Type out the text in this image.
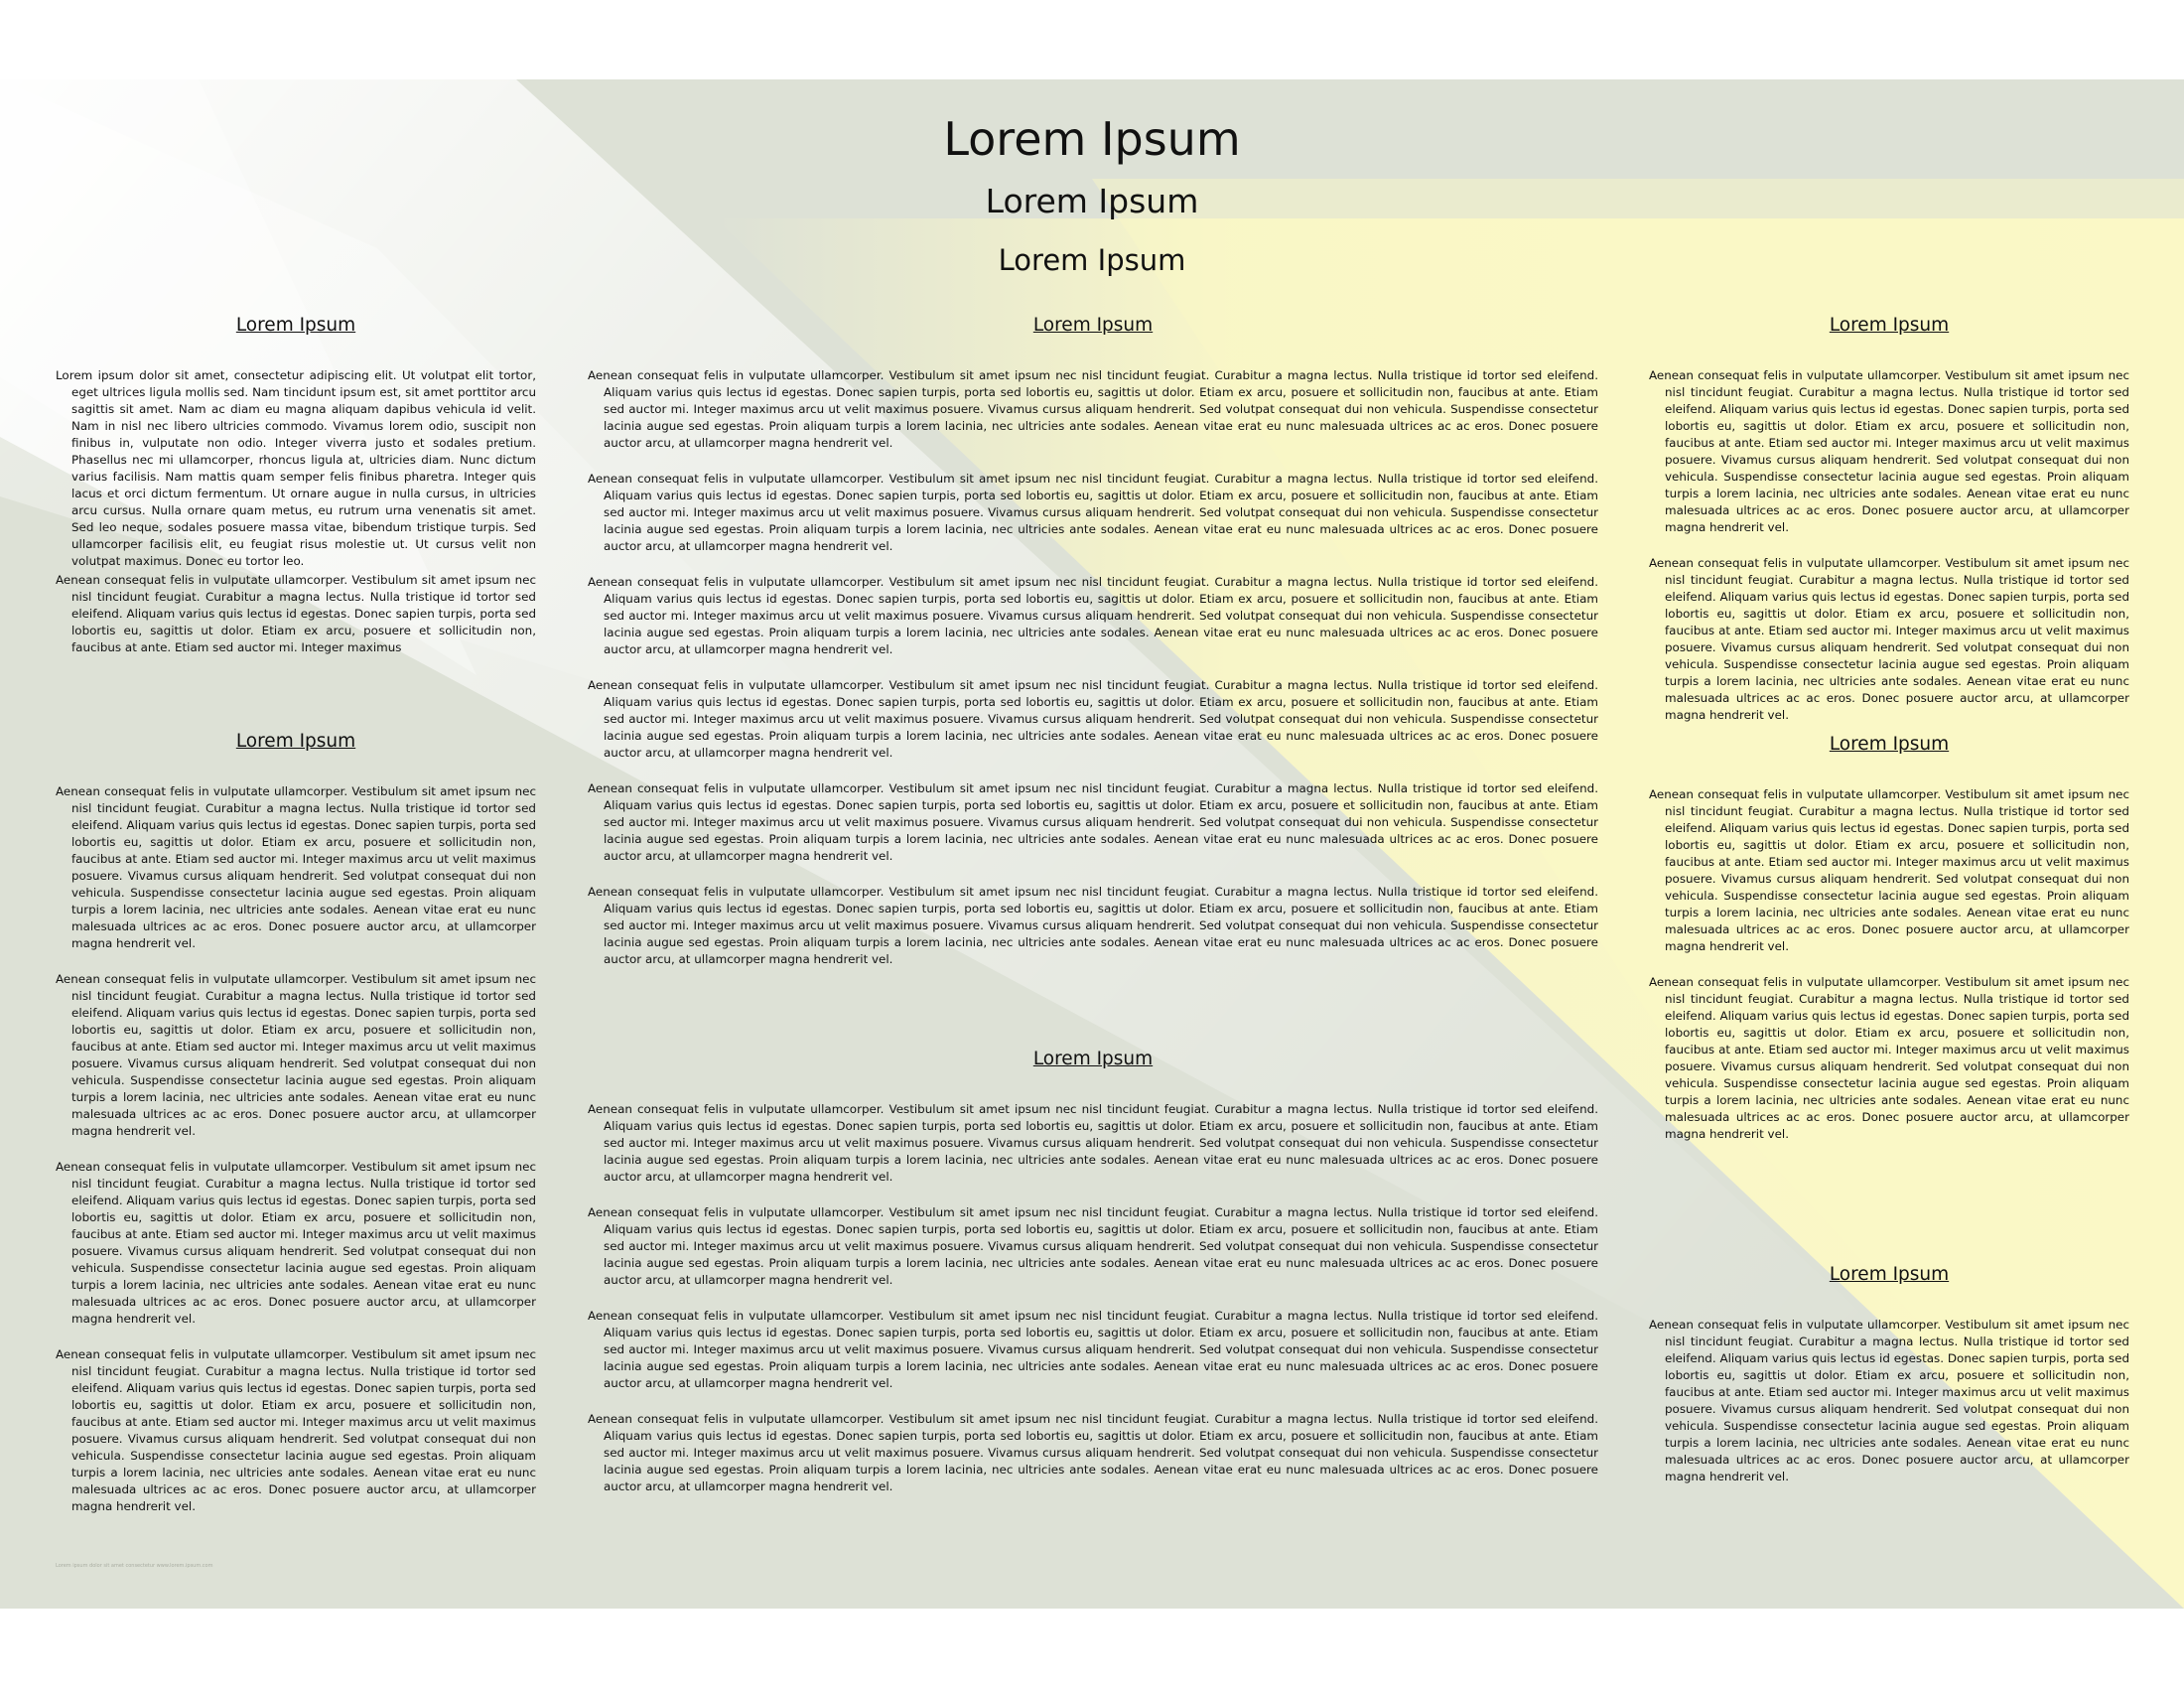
Lorem Ipsum
Lorem Ipsum
Lorem Ipsum
Lorem Ipsum

Lorem ipsum dolor sit amet, consectetur adipiscing elit. Ut volutpat elit tortor, eget ultrices ligula mollis sed. Nam tincidunt ipsum est, sit amet porttitor arcu sagittis sit amet. Nam ac diam eu magna aliquam dapibus vehicula id velit. Nam in nisl nec libero ultricies commodo. Vivamus lorem odio, suscipit non finibus in, vulputate non odio. Integer viverra justo et sodales pretium. Phasellus nec mi ullamcorper, rhoncus ligula at, ultricies diam. Nunc dictum varius facilisis. Nam mattis quam semper felis finibus pharetra. Integer quis lacus et orci dictum fermentum. Ut ornare augue in nulla cursus, in ultricies arcu cursus. Nulla ornare quam metus, eu rutrum urna venenatis sit amet. Sed leo neque, sodales posuere massa vitae, bibendum tristique turpis. Sed ullamcorper facilisis elit, eu feugiat risus molestie ut. Ut cursus velit non volutpat maximus. Donec eu tortor leo.

Aenean consequat felis in vulputate ullamcorper. Vestibulum sit amet ipsum nec nisl tincidunt feugiat. Curabitur a magna lectus. Nulla tristique id tortor sed eleifend. Aliquam varius quis lectus id egestas. Donec sapien turpis, porta sed lobortis eu, sagittis ut dolor. Etiam ex arcu, posuere et sollicitudin non, faucibus at ante. Etiam sed auctor mi. Integer maximus

Lorem Ipsum

Aenean consequat felis in vulputate ullamcorper. Vestibulum sit amet ipsum nec nisl tincidunt feugiat. Curabitur a magna lectus. Nulla tristique id tortor sed eleifend. Aliquam varius quis lectus id egestas. Donec sapien turpis, porta sed lobortis eu, sagittis ut dolor. Etiam ex arcu, posuere et sollicitudin non, faucibus at ante. Etiam sed auctor mi. Integer maximus arcu ut velit maximus posuere. Vivamus cursus aliquam hendrerit. Sed volutpat consequat dui non vehicula. Suspendisse consectetur lacinia augue sed egestas. Proin aliquam turpis a lorem lacinia, nec ultricies ante sodales. Aenean vitae erat eu nunc malesuada ultrices ac ac eros. Donec posuere auctor arcu, at ullamcorper magna hendrerit vel.

Aenean consequat felis in vulputate ullamcorper. Vestibulum sit amet ipsum nec nisl tincidunt feugiat. Curabitur a magna lectus. Nulla tristique id tortor sed eleifend. Aliquam varius quis lectus id egestas. Donec sapien turpis, porta sed lobortis eu, sagittis ut dolor. Etiam ex arcu, posuere et sollicitudin non, faucibus at ante. Etiam sed auctor mi. Integer maximus arcu ut velit maximus posuere. Vivamus cursus aliquam hendrerit. Sed volutpat consequat dui non vehicula. Suspendisse consectetur lacinia augue sed egestas. Proin aliquam turpis a lorem lacinia, nec ultricies ante sodales. Aenean vitae erat eu nunc malesuada ultrices ac ac eros. Donec posuere auctor arcu, at ullamcorper magna hendrerit vel.

Aenean consequat felis in vulputate ullamcorper. Vestibulum sit amet ipsum nec nisl tincidunt feugiat. Curabitur a magna lectus. Nulla tristique id tortor sed eleifend. Aliquam varius quis lectus id egestas. Donec sapien turpis, porta sed lobortis eu, sagittis ut dolor. Etiam ex arcu, posuere et sollicitudin non, faucibus at ante. Etiam sed auctor mi. Integer maximus arcu ut velit maximus posuere. Vivamus cursus aliquam hendrerit. Sed volutpat consequat dui non vehicula. Suspendisse consectetur lacinia augue sed egestas. Proin aliquam turpis a lorem lacinia, nec ultricies ante sodales. Aenean vitae erat eu nunc malesuada ultrices ac ac eros. Donec posuere auctor arcu, at ullamcorper magna hendrerit vel.

Aenean consequat felis in vulputate ullamcorper. Vestibulum sit amet ipsum nec nisl tincidunt feugiat. Curabitur a magna lectus. Nulla tristique id tortor sed eleifend. Aliquam varius quis lectus id egestas. Donec sapien turpis, porta sed lobortis eu, sagittis ut dolor. Etiam ex arcu, posuere et sollicitudin non, faucibus at ante. Etiam sed auctor mi. Integer maximus arcu ut velit maximus posuere. Vivamus cursus aliquam hendrerit. Sed volutpat consequat dui non vehicula. Suspendisse consectetur lacinia augue sed egestas. Proin aliquam turpis a lorem lacinia, nec ultricies ante sodales. Aenean vitae erat eu nunc malesuada ultrices ac ac eros. Donec posuere auctor arcu, at ullamcorper magna hendrerit vel.

Lorem Ipsum

Aenean consequat felis in vulputate ullamcorper. Vestibulum sit amet ipsum nec nisl tincidunt feugiat. Curabitur a magna lectus. Nulla tristique id tortor sed eleifend. Aliquam varius quis lectus id egestas. Donec sapien turpis, porta sed lobortis eu, sagittis ut dolor. Etiam ex arcu, posuere et sollicitudin non, faucibus at ante. Etiam sed auctor mi. Integer maximus arcu ut velit maximus posuere. Vivamus cursus aliquam hendrerit. Sed volutpat consequat dui non vehicula. Suspendisse consectetur lacinia augue sed egestas. Proin aliquam turpis a lorem lacinia, nec ultricies ante sodales. Aenean vitae erat eu nunc malesuada ultrices ac ac eros. Donec posuere auctor arcu, at ullamcorper magna hendrerit vel.

Aenean consequat felis in vulputate ullamcorper. Vestibulum sit amet ipsum nec nisl tincidunt feugiat. Curabitur a magna lectus. Nulla tristique id tortor sed eleifend. Aliquam varius quis lectus id egestas. Donec sapien turpis, porta sed lobortis eu, sagittis ut dolor. Etiam ex arcu, posuere et sollicitudin non, faucibus at ante. Etiam sed auctor mi. Integer maximus arcu ut velit maximus posuere. Vivamus cursus aliquam hendrerit. Sed volutpat consequat dui non vehicula. Suspendisse consectetur lacinia augue sed egestas. Proin aliquam turpis a lorem lacinia, nec ultricies ante sodales. Aenean vitae erat eu nunc malesuada ultrices ac ac eros. Donec posuere auctor arcu, at ullamcorper magna hendrerit vel.

Aenean consequat felis in vulputate ullamcorper. Vestibulum sit amet ipsum nec nisl tincidunt feugiat. Curabitur a magna lectus. Nulla tristique id tortor sed eleifend. Aliquam varius quis lectus id egestas. Donec sapien turpis, porta sed lobortis eu, sagittis ut dolor. Etiam ex arcu, posuere et sollicitudin non, faucibus at ante. Etiam sed auctor mi. Integer maximus arcu ut velit maximus posuere. Vivamus cursus aliquam hendrerit. Sed volutpat consequat dui non vehicula. Suspendisse consectetur lacinia augue sed egestas. Proin aliquam turpis a lorem lacinia, nec ultricies ante sodales. Aenean vitae erat eu nunc malesuada ultrices ac ac eros. Donec posuere auctor arcu, at ullamcorper magna hendrerit vel.

Aenean consequat felis in vulputate ullamcorper. Vestibulum sit amet ipsum nec nisl tincidunt feugiat. Curabitur a magna lectus. Nulla tristique id tortor sed eleifend. Aliquam varius quis lectus id egestas. Donec sapien turpis, porta sed lobortis eu, sagittis ut dolor. Etiam ex arcu, posuere et sollicitudin non, faucibus at ante. Etiam sed auctor mi. Integer maximus arcu ut velit maximus posuere. Vivamus cursus aliquam hendrerit. Sed volutpat consequat dui non vehicula. Suspendisse consectetur lacinia augue sed egestas. Proin aliquam turpis a lorem lacinia, nec ultricies ante sodales. Aenean vitae erat eu nunc malesuada ultrices ac ac eros. Donec posuere auctor arcu, at ullamcorper magna hendrerit vel.

Aenean consequat felis in vulputate ullamcorper. Vestibulum sit amet ipsum nec nisl tincidunt feugiat. Curabitur a magna lectus. Nulla tristique id tortor sed eleifend. Aliquam varius quis lectus id egestas. Donec sapien turpis, porta sed lobortis eu, sagittis ut dolor. Etiam ex arcu, posuere et sollicitudin non, faucibus at ante. Etiam sed auctor mi. Integer maximus arcu ut velit maximus posuere. Vivamus cursus aliquam hendrerit. Sed volutpat consequat dui non vehicula. Suspendisse consectetur lacinia augue sed egestas. Proin aliquam turpis a lorem lacinia, nec ultricies ante sodales. Aenean vitae erat eu nunc malesuada ultrices ac ac eros. Donec posuere auctor arcu, at ullamcorper magna hendrerit vel.

Aenean consequat felis in vulputate ullamcorper. Vestibulum sit amet ipsum nec nisl tincidunt feugiat. Curabitur a magna lectus. Nulla tristique id tortor sed eleifend. Aliquam varius quis lectus id egestas. Donec sapien turpis, porta sed lobortis eu, sagittis ut dolor. Etiam ex arcu, posuere et sollicitudin non, faucibus at ante. Etiam sed auctor mi. Integer maximus arcu ut velit maximus posuere. Vivamus cursus aliquam hendrerit. Sed volutpat consequat dui non vehicula. Suspendisse consectetur lacinia augue sed egestas. Proin aliquam turpis a lorem lacinia, nec ultricies ante sodales. Aenean vitae erat eu nunc malesuada ultrices ac ac eros. Donec posuere auctor arcu, at ullamcorper magna hendrerit vel.

Lorem Ipsum

Aenean consequat felis in vulputate ullamcorper. Vestibulum sit amet ipsum nec nisl tincidunt feugiat. Curabitur a magna lectus. Nulla tristique id tortor sed eleifend. Aliquam varius quis lectus id egestas. Donec sapien turpis, porta sed lobortis eu, sagittis ut dolor. Etiam ex arcu, posuere et sollicitudin non, faucibus at ante. Etiam sed auctor mi. Integer maximus arcu ut velit maximus posuere. Vivamus cursus aliquam hendrerit. Sed volutpat consequat dui non vehicula. Suspendisse consectetur lacinia augue sed egestas. Proin aliquam turpis a lorem lacinia, nec ultricies ante sodales. Aenean vitae erat eu nunc malesuada ultrices ac ac eros. Donec posuere auctor arcu, at ullamcorper magna hendrerit vel.

Aenean consequat felis in vulputate ullamcorper. Vestibulum sit amet ipsum nec nisl tincidunt feugiat. Curabitur a magna lectus. Nulla tristique id tortor sed eleifend. Aliquam varius quis lectus id egestas. Donec sapien turpis, porta sed lobortis eu, sagittis ut dolor. Etiam ex arcu, posuere et sollicitudin non, faucibus at ante. Etiam sed auctor mi. Integer maximus arcu ut velit maximus posuere. Vivamus cursus aliquam hendrerit. Sed volutpat consequat dui non vehicula. Suspendisse consectetur lacinia augue sed egestas. Proin aliquam turpis a lorem lacinia, nec ultricies ante sodales. Aenean vitae erat eu nunc malesuada ultrices ac ac eros. Donec posuere auctor arcu, at ullamcorper magna hendrerit vel.

Aenean consequat felis in vulputate ullamcorper. Vestibulum sit amet ipsum nec nisl tincidunt feugiat. Curabitur a magna lectus. Nulla tristique id tortor sed eleifend. Aliquam varius quis lectus id egestas. Donec sapien turpis, porta sed lobortis eu, sagittis ut dolor. Etiam ex arcu, posuere et sollicitudin non, faucibus at ante. Etiam sed auctor mi. Integer maximus arcu ut velit maximus posuere. Vivamus cursus aliquam hendrerit. Sed volutpat consequat dui non vehicula. Suspendisse consectetur lacinia augue sed egestas. Proin aliquam turpis a lorem lacinia, nec ultricies ante sodales. Aenean vitae erat eu nunc malesuada ultrices ac ac eros. Donec posuere auctor arcu, at ullamcorper magna hendrerit vel.

Aenean consequat felis in vulputate ullamcorper. Vestibulum sit amet ipsum nec nisl tincidunt feugiat. Curabitur a magna lectus. Nulla tristique id tortor sed eleifend. Aliquam varius quis lectus id egestas. Donec sapien turpis, porta sed lobortis eu, sagittis ut dolor. Etiam ex arcu, posuere et sollicitudin non, faucibus at ante. Etiam sed auctor mi. Integer maximus arcu ut velit maximus posuere. Vivamus cursus aliquam hendrerit. Sed volutpat consequat dui non vehicula. Suspendisse consectetur lacinia augue sed egestas. Proin aliquam turpis a lorem lacinia, nec ultricies ante sodales. Aenean vitae erat eu nunc malesuada ultrices ac ac eros. Donec posuere auctor arcu, at ullamcorper magna hendrerit vel.

Lorem Ipsum

Aenean consequat felis in vulputate ullamcorper. Vestibulum sit amet ipsum nec nisl tincidunt feugiat. Curabitur a magna lectus. Nulla tristique id tortor sed eleifend. Aliquam varius quis lectus id egestas. Donec sapien turpis, porta sed lobortis eu, sagittis ut dolor. Etiam ex arcu, posuere et sollicitudin non, faucibus at ante. Etiam sed auctor mi. Integer maximus arcu ut velit maximus posuere. Vivamus cursus aliquam hendrerit. Sed volutpat consequat dui non vehicula. Suspendisse consectetur lacinia augue sed egestas. Proin aliquam turpis a lorem lacinia, nec ultricies ante sodales. Aenean vitae erat eu nunc malesuada ultrices ac ac eros. Donec posuere auctor arcu, at ullamcorper magna hendrerit vel.

Aenean consequat felis in vulputate ullamcorper. Vestibulum sit amet ipsum nec nisl tincidunt feugiat. Curabitur a magna lectus. Nulla tristique id tortor sed eleifend. Aliquam varius quis lectus id egestas. Donec sapien turpis, porta sed lobortis eu, sagittis ut dolor. Etiam ex arcu, posuere et sollicitudin non, faucibus at ante. Etiam sed auctor mi. Integer maximus arcu ut velit maximus posuere. Vivamus cursus aliquam hendrerit. Sed volutpat consequat dui non vehicula. Suspendisse consectetur lacinia augue sed egestas. Proin aliquam turpis a lorem lacinia, nec ultricies ante sodales. Aenean vitae erat eu nunc malesuada ultrices ac ac eros. Donec posuere auctor arcu, at ullamcorper magna hendrerit vel.

Lorem Ipsum

Aenean consequat felis in vulputate ullamcorper. Vestibulum sit amet ipsum nec nisl tincidunt feugiat. Curabitur a magna lectus. Nulla tristique id tortor sed eleifend. Aliquam varius quis lectus id egestas. Donec sapien turpis, porta sed lobortis eu, sagittis ut dolor. Etiam ex arcu, posuere et sollicitudin non, faucibus at ante. Etiam sed auctor mi. Integer maximus arcu ut velit maximus posuere. Vivamus cursus aliquam hendrerit. Sed volutpat consequat dui non vehicula. Suspendisse consectetur lacinia augue sed egestas. Proin aliquam turpis a lorem lacinia, nec ultricies ante sodales. Aenean vitae erat eu nunc malesuada ultrices ac ac eros. Donec posuere auctor arcu, at ullamcorper magna hendrerit vel.

Aenean consequat felis in vulputate ullamcorper. Vestibulum sit amet ipsum nec nisl tincidunt feugiat. Curabitur a magna lectus. Nulla tristique id tortor sed eleifend. Aliquam varius quis lectus id egestas. Donec sapien turpis, porta sed lobortis eu, sagittis ut dolor. Etiam ex arcu, posuere et sollicitudin non, faucibus at ante. Etiam sed auctor mi. Integer maximus arcu ut velit maximus posuere. Vivamus cursus aliquam hendrerit. Sed volutpat consequat dui non vehicula. Suspendisse consectetur lacinia augue sed egestas. Proin aliquam turpis a lorem lacinia, nec ultricies ante sodales. Aenean vitae erat eu nunc malesuada ultrices ac ac eros. Donec posuere auctor arcu, at ullamcorper magna hendrerit vel.

Lorem Ipsum

Aenean consequat felis in vulputate ullamcorper. Vestibulum sit amet ipsum nec nisl tincidunt feugiat. Curabitur a magna lectus. Nulla tristique id tortor sed eleifend. Aliquam varius quis lectus id egestas. Donec sapien turpis, porta sed lobortis eu, sagittis ut dolor. Etiam ex arcu, posuere et sollicitudin non, faucibus at ante. Etiam sed auctor mi. Integer maximus arcu ut velit maximus posuere. Vivamus cursus aliquam hendrerit. Sed volutpat consequat dui non vehicula. Suspendisse consectetur lacinia augue sed egestas. Proin aliquam turpis a lorem lacinia, nec ultricies ante sodales. Aenean vitae erat eu nunc malesuada ultrices ac ac eros. Donec posuere auctor arcu, at ullamcorper magna hendrerit vel.

Lorem ipsum dolor sit amet consectetur www.lorem.ipsum.com
